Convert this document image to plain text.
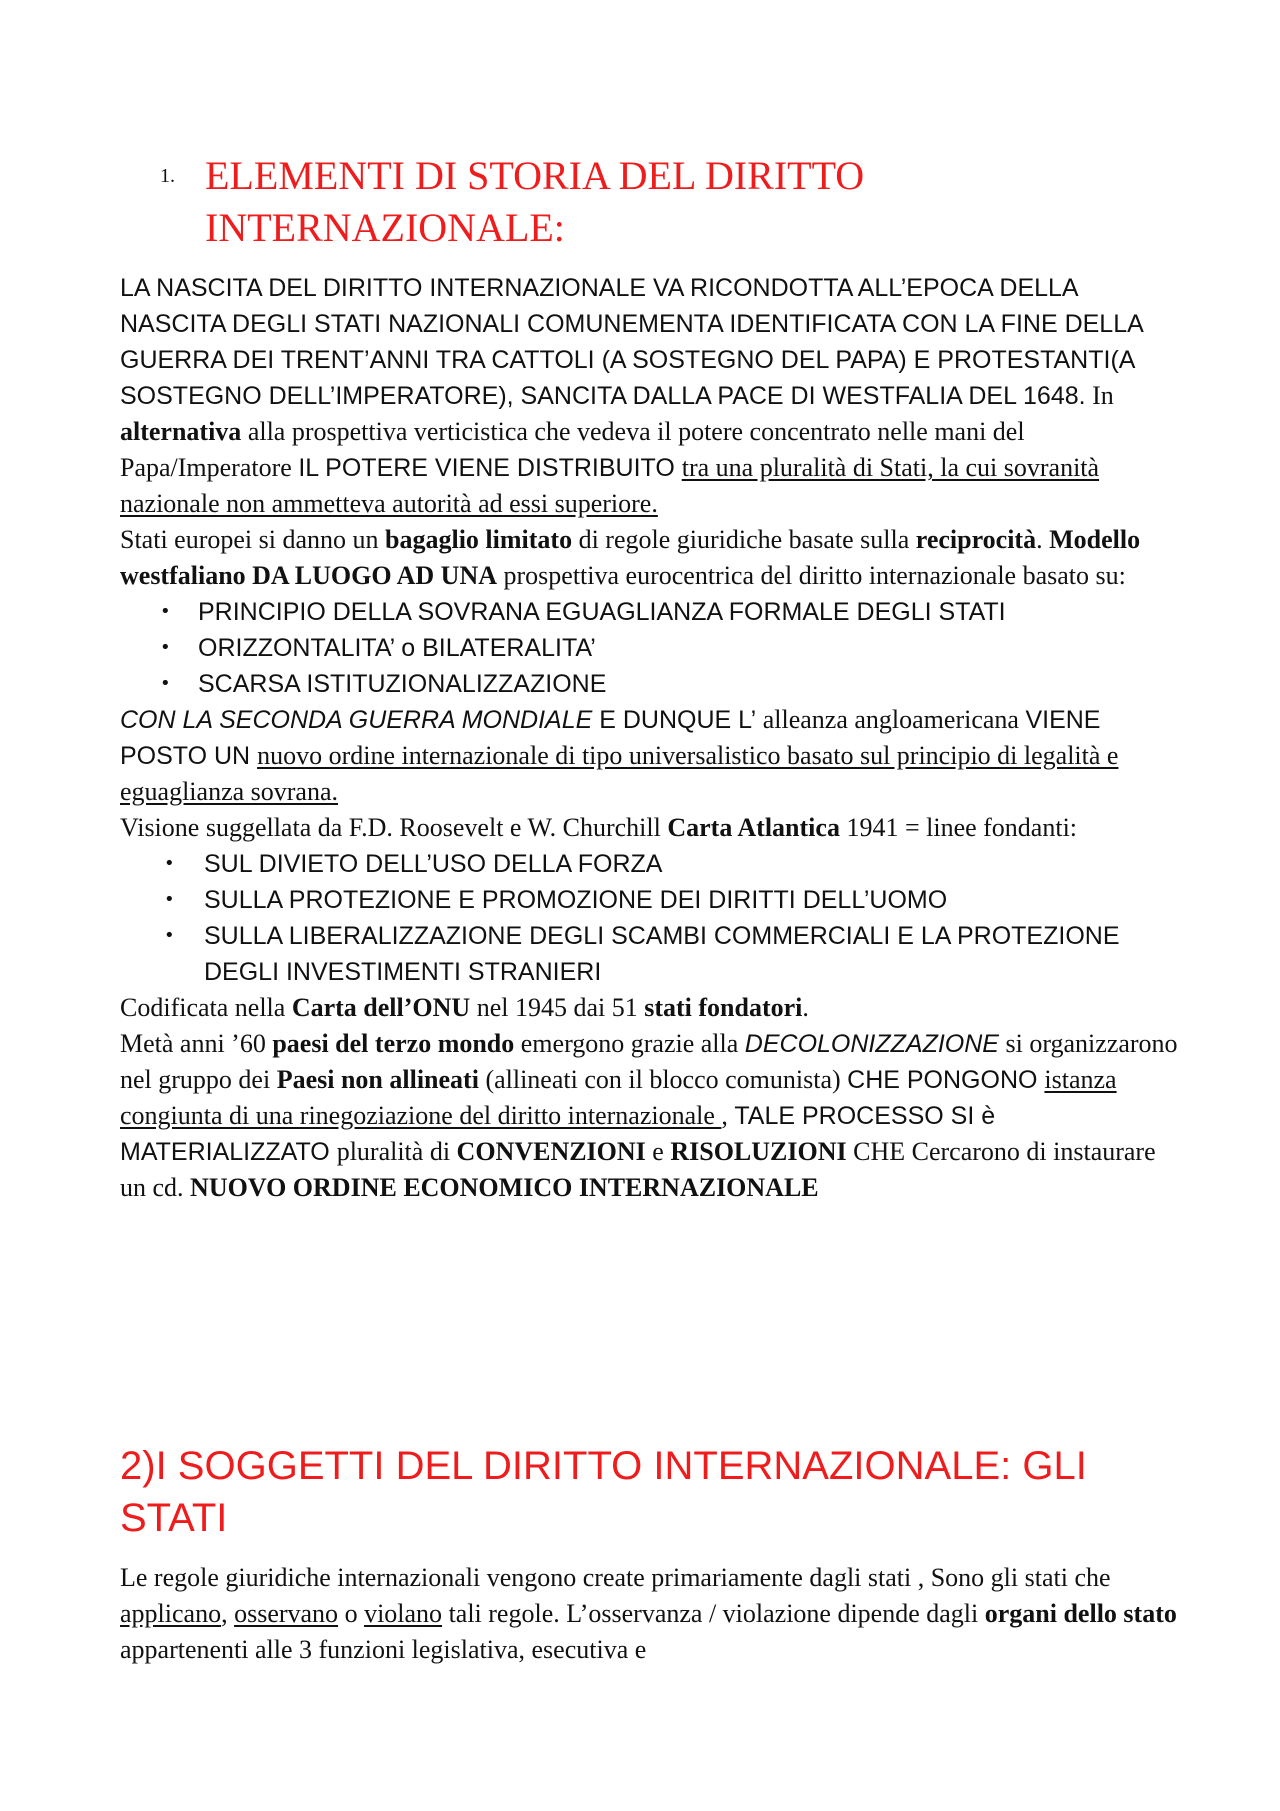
1. ELEMENTI DI STORIA DEL DIRITTO INTERNAZIONALE:

LA NASCITA DEL DIRITTO INTERNAZIONALE VA RICONDOTTA ALL’EPOCA DELLA NASCITA DEGLI STATI NAZIONALI COMUNEMENTA IDENTIFICATA CON LA FINE DELLA GUERRA DEI TRENT’ANNI TRA CATTOLI (A SOSTEGNO DEL PAPA) E PROTESTANTI(A SOSTEGNO DELL’IMPERATORE), SANCITA DALLA PACE DI WESTFALIA DEL 1648. In alternativa alla prospettiva verticistica che vedeva il potere concentrato nelle mani del Papa/Imperatore IL POTERE VIENE DISTRIBUITO tra una pluralità di Stati, la cui sovranità nazionale non ammetteva autorità ad essi superiore.

Stati europei si danno un bagaglio limitato di regole giuridiche basate sulla reciprocità. Modello westfaliano DA LUOGO AD UNA prospettiva eurocentrica del diritto internazionale basato su:

• PRINCIPIO DELLA SOVRANA EGUAGLIANZA FORMALE DEGLI STATI
• ORIZZONTALITA’ o BILATERALITA’
• SCARSA ISTITUZIONALIZZAZIONE

CON LA SECONDA GUERRA MONDIALE E DUNQUE L’ alleanza angloamericana VIENE POSTO UN nuovo ordine internazionale di tipo universalistico basato sul principio di legalità e eguaglianza sovrana.

Visione suggellata da F.D. Roosevelt e W. Churchill Carta Atlantica 1941 = linee fondanti:

• SUL DIVIETO DELL’USO DELLA FORZA
• SULLA PROTEZIONE E PROMOZIONE DEI DIRITTI DELL’UOMO
• SULLA LIBERALIZZAZIONE DEGLI SCAMBI COMMERCIALI E LA PROTEZIONE DEGLI INVESTIMENTI STRANIERI

Codificata nella Carta dell’ONU nel 1945 dai 51 stati fondatori.

Metà anni ’60 paesi del terzo mondo emergono grazie alla DECOLONIZZAZIONE si organizzarono nel gruppo dei Paesi non allineati (allineati con il blocco comunista) CHE PONGONO istanza congiunta di una rinegoziazione del diritto internazionale , TALE PROCESSO SI è MATERIALIZZATO pluralità di CONVENZIONI e RISOLUZIONI CHE Cercarono di instaurare un cd. NUOVO ORDINE ECONOMICO INTERNAZIONALE

2)I SOGGETTI DEL DIRITTO INTERNAZIONALE: GLI STATI

Le regole giuridiche internazionali vengono create primariamente dagli stati , Sono gli stati che applicano, osservano o violano tali regole. L’osservanza / violazione dipende dagli organi dello stato appartenenti alle 3 funzioni legislativa, esecutiva e
